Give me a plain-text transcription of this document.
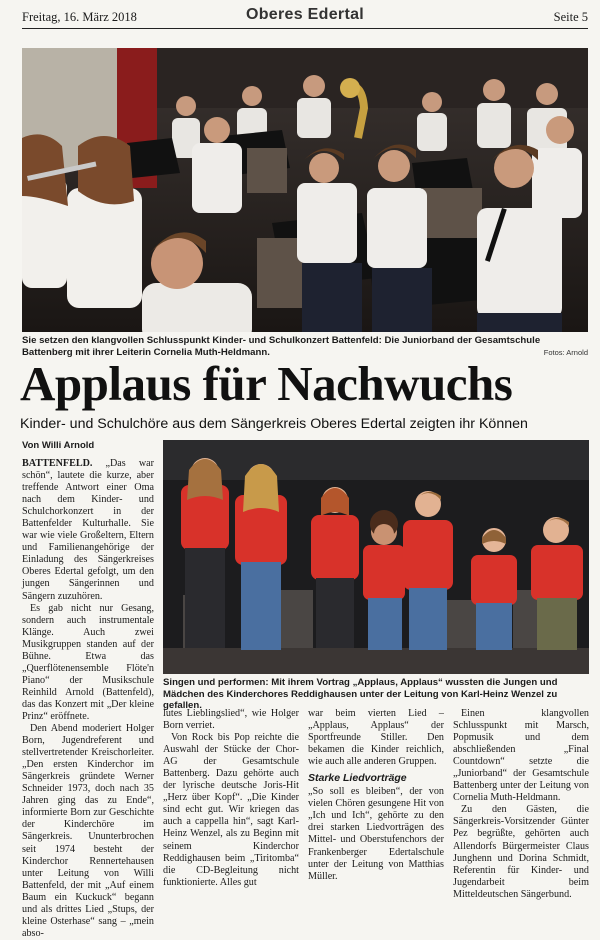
Freitag, 16. März 2018	Oberes Edertal	Seite 5
Sie setzen den klangvollen Schlusspunkt Kinder- und Schulkonzert Battenfeld: Die Juniorband der Gesamtschule Battenberg mit ihrer Leiterin Cornelia Muth-Heldmann.	Fotos: Arnold
Applaus für Nachwuchs
Kinder- und Schulchöre aus dem Sängerkreis Oberes Edertal zeigten ihr Können
Von Willi Arnold
Singen und performen: Mit ihrem Vortrag „Applaus, Applaus“ wussten die Jungen und Mädchen des Kinderchores Reddighausen unter der Leitung von Karl-Heinz Wenzel zu gefallen.

BATTENFELD. „Das war schön“, lautete die kurze, aber treffende Antwort einer Oma nach dem Kinder- und Schulchorkonzert in der Battenfelder Kulturhalle. Sie war wie viele Großeltern, Eltern und Familienangehörige der Einladung des Sängerkreises Oberes Edertal gefolgt, um den jungen Sängerinnen und Sängern zuzuhören.

Es gab nicht nur Gesang, sondern auch instrumentale Klänge. Auch zwei Musikgruppen standen auf der Bühne. Etwa das „Querflötenensemble Flöte'n Piano“ der Musikschule Reinhild Arnold (Battenfeld), das das Konzert mit „Der kleine Prinz“ eröffnete.

Den Abend moderiert Holger Born, Jugendreferent und stellvertretender Kreischorleiter. „Den ersten Kinderchor im Sängerkreis gründete Werner Schneider 1973, doch nach 35 Jahren ging das zu Ende“, informierte Born zur Geschichte der Kinderchöre im Sängerkreis. Ununterbrochen seit 1974 besteht der Kinderchor Rennertehausen unter Leitung von Willi Battenfeld, der mit „Auf einem Baum ein Kuckuck“ begann und als drittes Lied „Stups, der kleine Osterhase“ sang – „mein abso-

lutes Lieblingslied“, wie Holger Born verriet.

Von Rock bis Pop reichte die Auswahl der Stücke der Chor-AG der Gesamtschule Battenberg. Dazu gehörte auch der lyrische deutsche Joris-Hit „Herz über Kopf“. „Die Kinder sind echt gut. Wir kriegen das auch a cappella hin“, sagt Karl-Heinz Wenzel, als zu Beginn mit seinem Kinderchor Reddighausen beim „Tiritomba“ die CD-Begleitung nicht funktionierte. Alles gut

war beim vierten Lied – „Applaus, Applaus“ der Sportfreunde Stiller. Den bekamen die Kinder reichlich, wie auch alle anderen Gruppen.

Starke Liedvorträge

„So soll es bleiben“, der von vielen Chören gesungene Hit von „Ich und Ich“, gehörte zu den drei starken Liedvorträgen des Mittel- und Oberstufenchors der Frankenberger Edertalschule unter der Leitung von Matthias Müller.

Einen klangvollen Schlusspunkt mit Marsch, Popmusik und dem abschließenden „Final Countdown“ setzte die „Juniorband“ der Gesamtschule Battenberg unter der Leitung von Cornelia Muth-Heldmann.

Zu den Gästen, die Sängerkreis-Vorsitzender Günter Pez begrüßte, gehörten auch Allendorfs Bürgermeister Claus Junghenn und Dorina Schmidt, Referentin für Kinder- und Jugendarbeit beim Mitteldeutschen Sängerbund.
